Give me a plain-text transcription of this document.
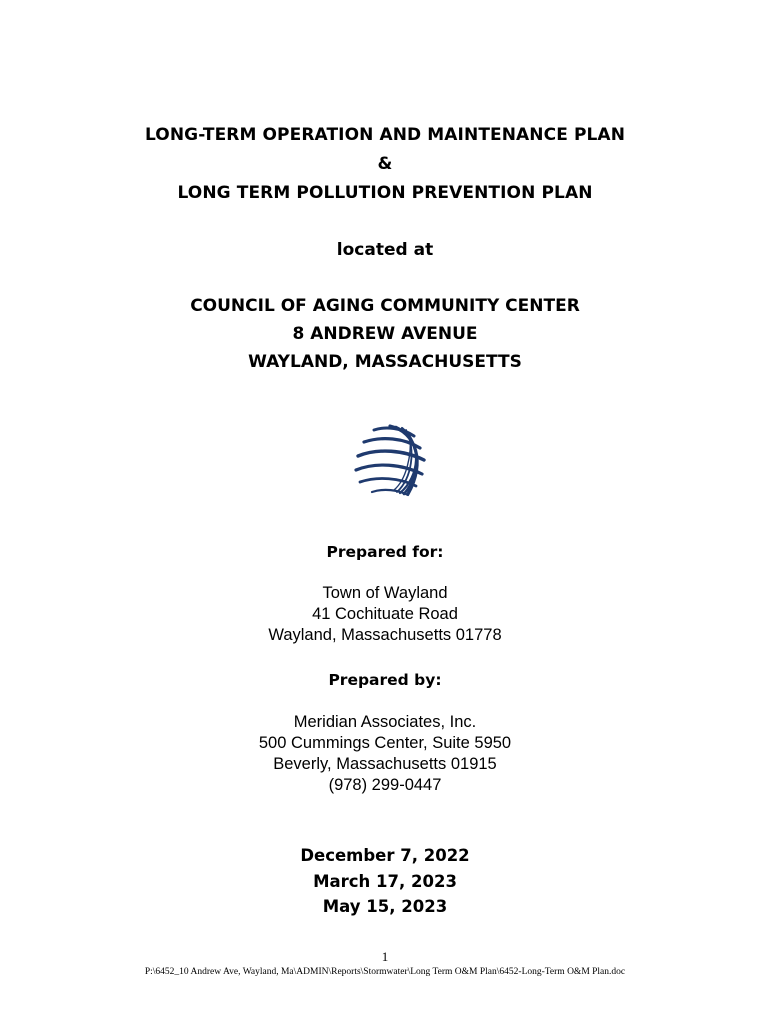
LONG-TERM OPERATION AND MAINTENANCE PLAN
&
LONG TERM POLLUTION PREVENTION PLAN
located at
COUNCIL OF AGING COMMUNITY CENTER
8 ANDREW AVENUE
WAYLAND, MASSACHUSETTS
Prepared for:
Town of Wayland
41 Cochituate Road
Wayland, Massachusetts 01778
Prepared by:
Meridian Associates, Inc.
500 Cummings Center, Suite 5950
Beverly, Massachusetts 01915
(978) 299-0447
December 7, 2022
March 17, 2023
May 15, 2023
1
P:\6452_10 Andrew Ave, Wayland, Ma\ADMIN\Reports\Stormwater\Long Term O&M Plan\6452-Long-Term O&M Plan.doc
